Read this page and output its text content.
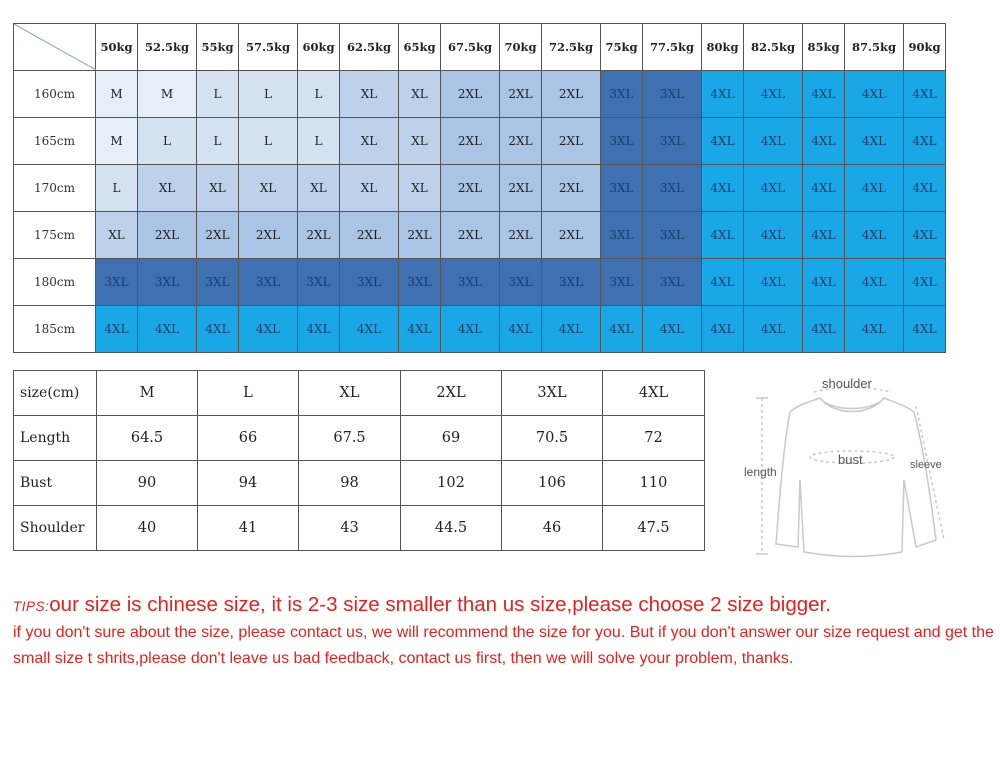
	50kg	52.5kg	55kg	57.5kg	60kg	62.5kg	65kg	67.5kg	70kg	72.5kg	75kg	77.5kg	80kg	82.5kg	85kg	87.5kg	90kg
160cm	M	M	L	L	L	XL	XL	2XL	2XL	2XL	3XL	3XL	4XL	4XL	4XL	4XL	4XL
165cm	M	L	L	L	L	XL	XL	2XL	2XL	2XL	3XL	3XL	4XL	4XL	4XL	4XL	4XL
170cm	L	XL	XL	XL	XL	XL	XL	2XL	2XL	2XL	3XL	3XL	4XL	4XL	4XL	4XL	4XL
175cm	XL	2XL	2XL	2XL	2XL	2XL	2XL	2XL	2XL	2XL	3XL	3XL	4XL	4XL	4XL	4XL	4XL
180cm	3XL	3XL	3XL	3XL	3XL	3XL	3XL	3XL	3XL	3XL	3XL	3XL	4XL	4XL	4XL	4XL	4XL
185cm	4XL	4XL	4XL	4XL	4XL	4XL	4XL	4XL	4XL	4XL	4XL	4XL	4XL	4XL	4XL	4XL	4XL
size(cm)	M	L	XL	2XL	3XL	4XL
Length	64.5	66	67.5	69	70.5	72
Bust	90	94	98	102	106	110
Shoulder	40	41	43	44.5	46	47.5
shoulder
bust
length	sleeve
TIPS:our size is chinese size, it is 2-3 size smaller than us size,please choose 2 size bigger.
if you don't sure about the size, please contact us, we will recommend the size for you. But if you don't answer our size request and get the small size t shrits,please don't leave us bad feedback, contact us first, then we will solve your problem, thanks.
